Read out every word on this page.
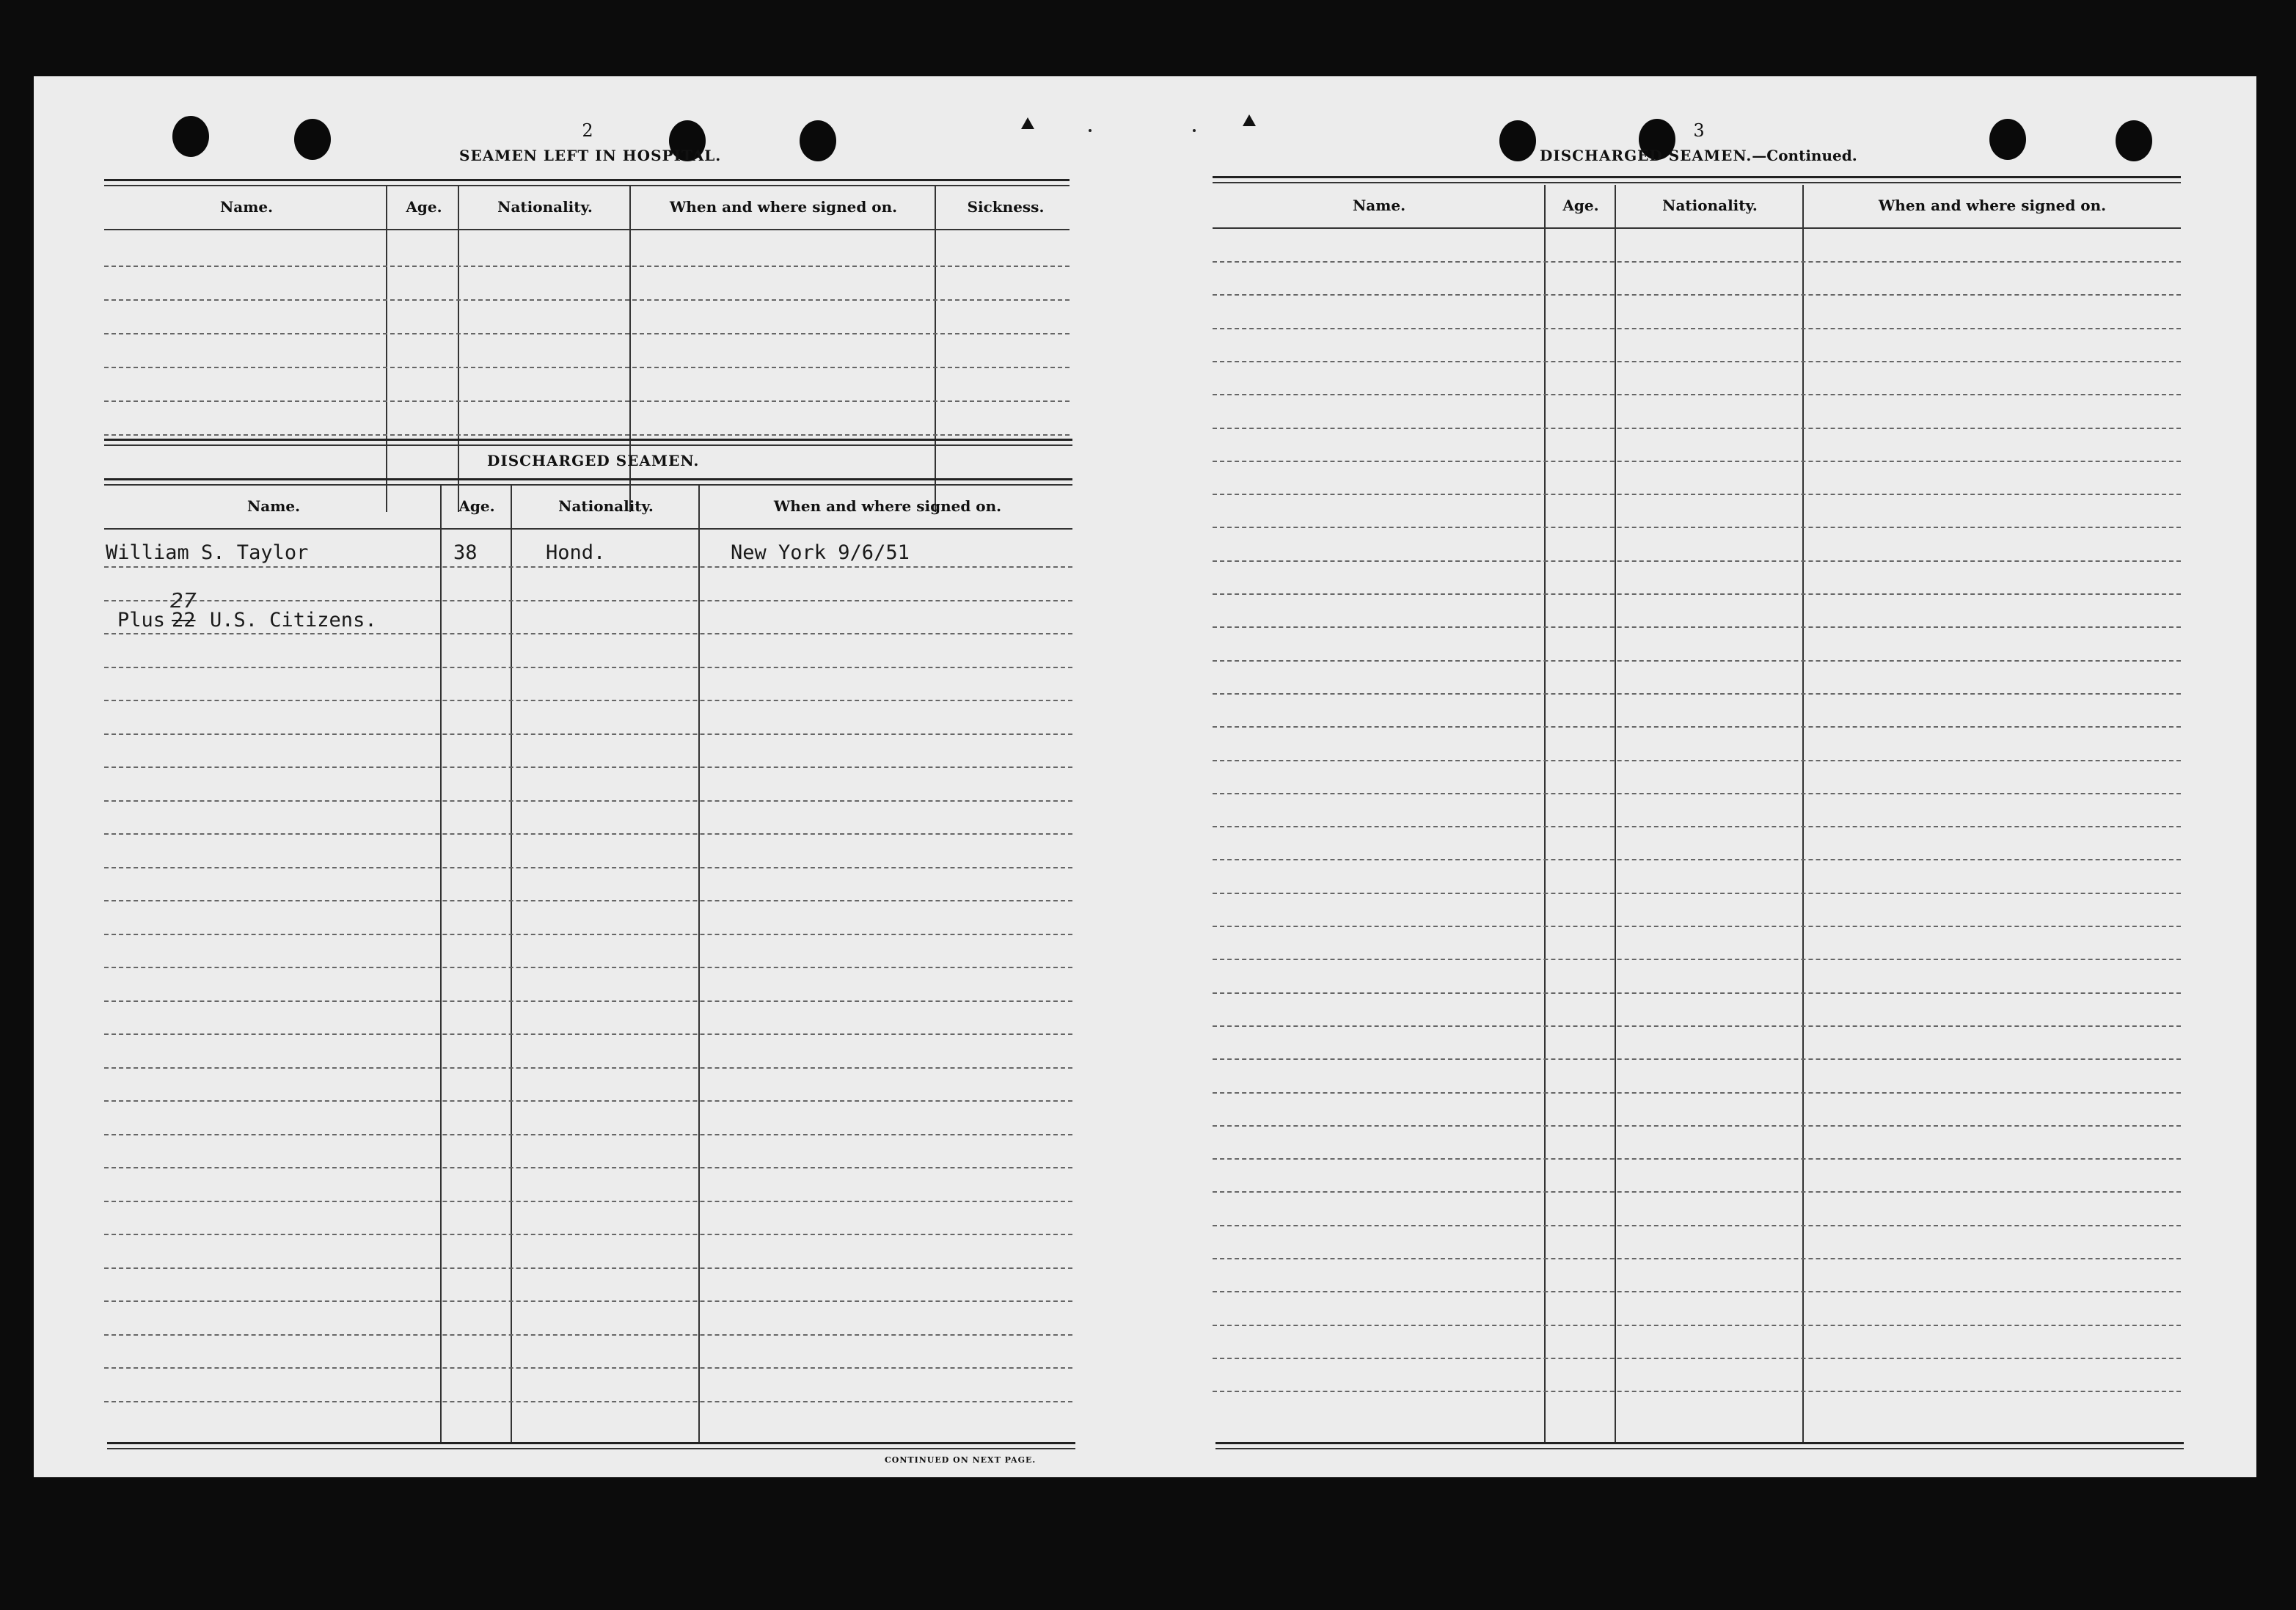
2
SEAMEN LEFT IN HOSPITAL.
Name.	Age.	Nationality.	When and where signed on.	Sickness.
DISCHARGED SEAMEN.
Name.	Age.	Nationality.	When and where signed on.
William S. Taylor	38	Hond.	New York 9/6/51
Plus
27
22 U.S. Citizens.
CONTINUED ON NEXT PAGE.
3
DISCHARGED SEAMEN.—Continued.
Name.	Age.	Nationality.	When and where signed on.
